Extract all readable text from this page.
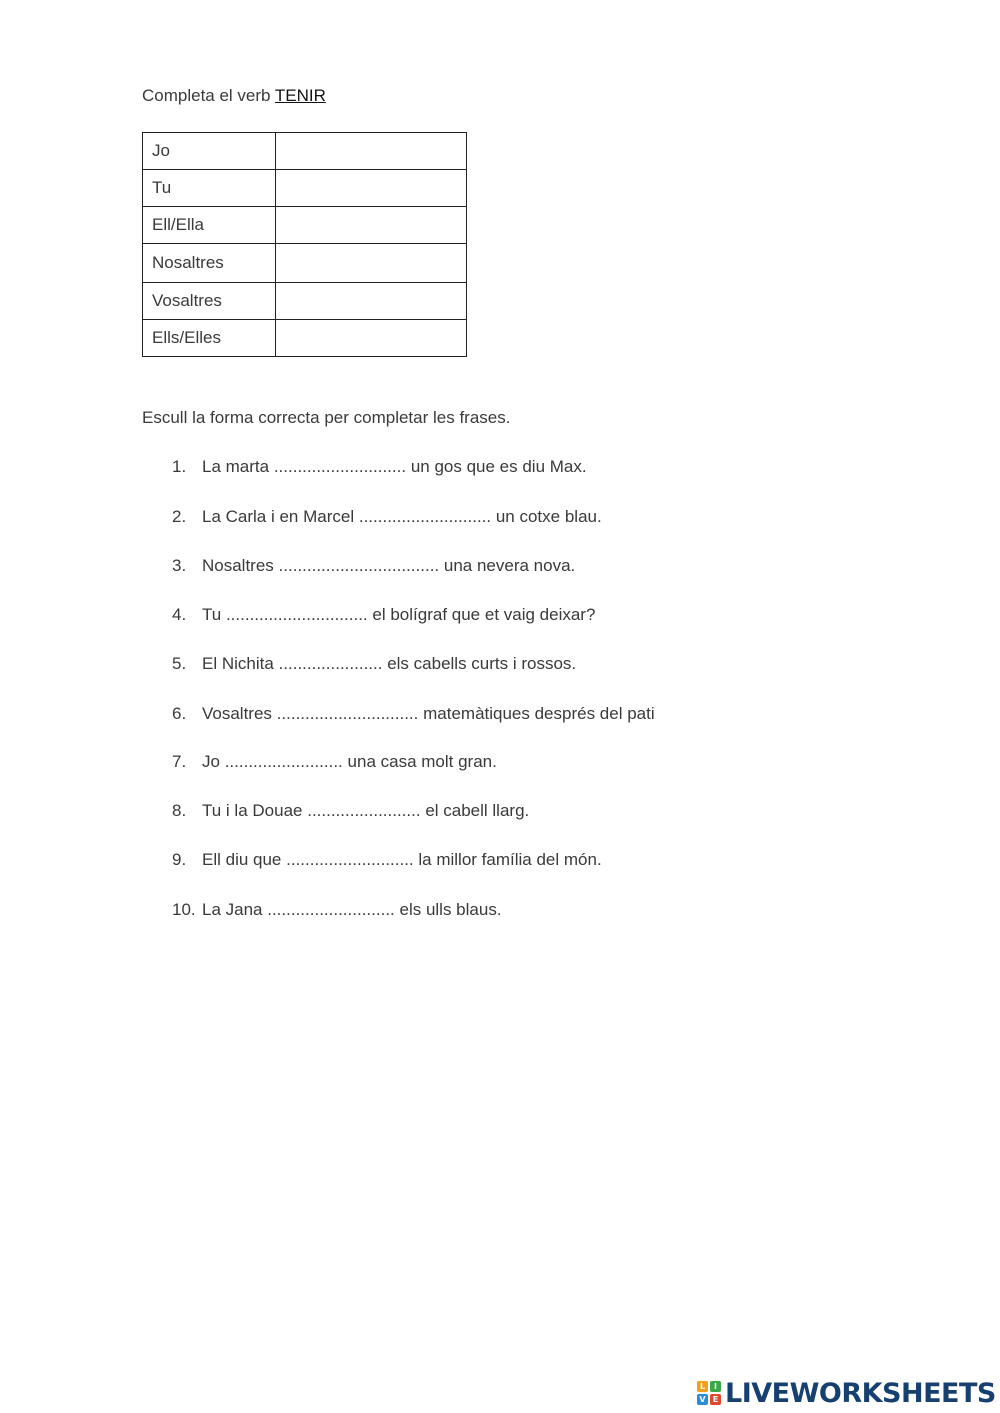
Completa el verb TENIR
Jo	
Tu	
Ell/Ella	
Nosaltres	
Vosaltres	
Ells/Elles	
Escull la forma correcta per completar les frases.
1. La marta ............................ un gos que es diu Max.
2. La Carla i en Marcel ............................ un cotxe blau.
3. Nosaltres .................................. una nevera nova.
4. Tu .............................. el bolígraf que et vaig deixar?
5. El Nichita ...................... els cabells curts i rossos.
6. Vosaltres .............................. matemàtiques després del pati
7. Jo ......................... una casa molt gran.
8. Tu i la Douae ........................ el cabell llarg.
9. Ell diu que ........................... la millor família del món.
10. La Jana ........................... els ulls blaus.
L	I
V E LIVEWORKSHEETS
